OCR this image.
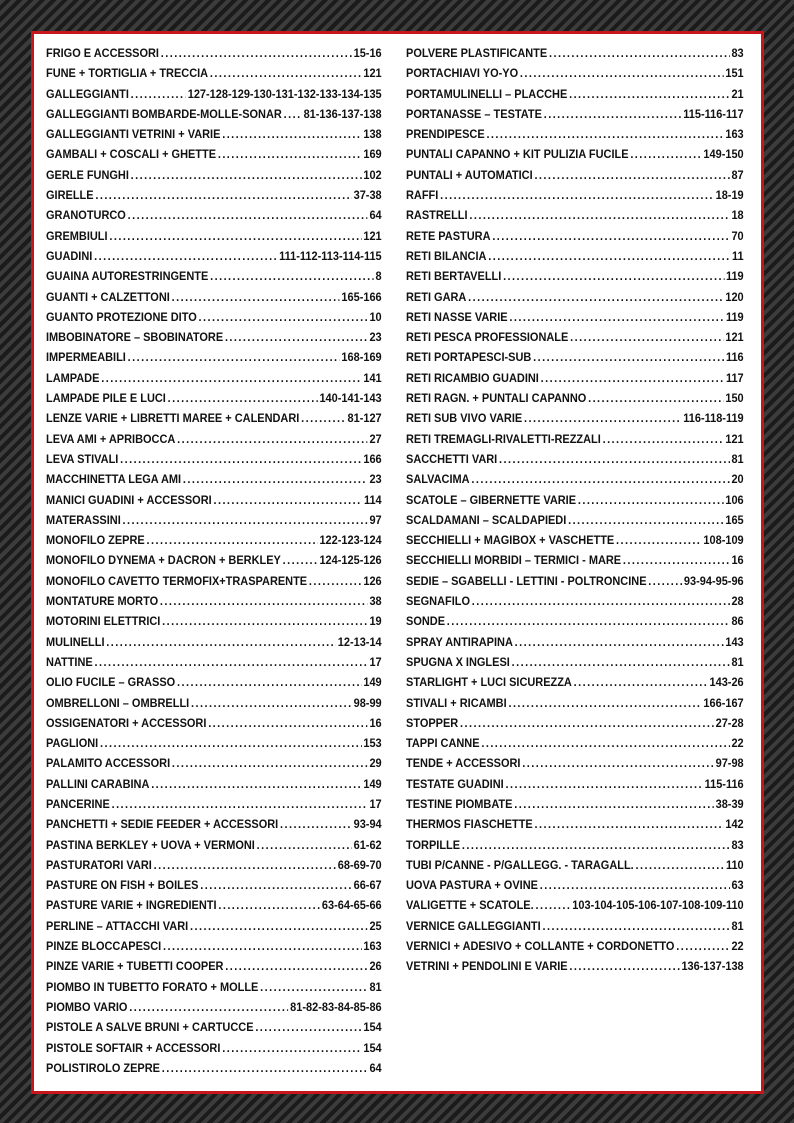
FRIGO E ACCESSORI .....	15-16
FUNE + TORTIGLIA + TRECCIA .....	121
GALLEGGIANTI .....	127-128-129-130-131-132-133-134-135
GALLEGGIANTI BOMBARDE-MOLLE-SONAR ..... 81-136-137-138
GALLEGGIANTI VETRINI + VARIE .....	138
GAMBALI + COSCALI + GHETTE .....	169
GERLE FUNGHI .....	102
GIRELLE .....	37-38
GRANOTURCO .....	64
GREMBIULI .....	121
GUADINI .....	111-112-113-114-115
GUAINA AUTORESTRINGENTE .....	8
GUANTI + CALZETTONI .....	165-166
GUANTO PROTEZIONE DITO .....	10
IMBOBINATORE – SBOBINATORE .....	23
IMPERMEABILI .....	168-169
LAMPADE .....	141
LAMPADE PILE E LUCI .....	140-141-143
LENZE VARIE + LIBRETTI MAREE + CALENDARI .....	81-127
LEVA AMI + APRIBOCCA .....	27
LEVA STIVALI .....	166
MACCHINETTA LEGA AMI .....	23
MANICI GUADINI + ACCESSORI .....	114
MATERASSINI .....	97
MONOFILO ZEPRE .....	122-123-124
MONOFILO DYNEMA + DACRON + BERKLEY .....	124-125-126
MONOFILO CAVETTO TERMOFIX+TRASPARENTE .....	126
MONTATURE MORTO .....	38
MOTORINI ELETTRICI .....	19
MULINELLI .....	12-13-14
NATTINE .....	17
OLIO FUCILE – GRASSO .....	149
OMBRELLONI – OMBRELLI .....	98-99
OSSIGENATORI + ACCESSORI .....	16
PAGLIONI .....	153
PALAMITO ACCESSORI .....	29
PALLINI CARABINA .....	149
PANCERINE .....	17
PANCHETTI + SEDIE FEEDER + ACCESSORI .....	93-94
PASTINA BERKLEY + UOVA + VERMONI .....	61-62
PASTURATORI VARI .....	68-69-70
PASTURE ON FISH + BOILES .....	66-67
PASTURE VARIE + INGREDIENTI .....	63-64-65-66
PERLINE – ATTACCHI VARI .....	25
PINZE BLOCCAPESCI .....	163
PINZE VARIE + TUBETTI COOPER .....	26
PIOMBO IN TUBETTO FORATO + MOLLE .....	81
PIOMBO VARIO .....	81-82-83-84-85-86
PISTOLE A SALVE BRUNI + CARTUCCE .....	154
PISTOLE SOFTAIR + ACCESSORI .....	154
POLISTIROLO ZEPRE .....	64
POLVERE PLASTIFICANTE .....	83
PORTACHIAVI YO-YO .....	151
PORTAMULINELLI – PLACCHE .....	21
PORTANASSE – TESTATE .....	115-116-117
PRENDIPESCE .....	163
PUNTALI CAPANNO + KIT PULIZIA FUCILE .....	149-150
PUNTALI + AUTOMATICI .....	87
RAFFI .....	18-19
RASTRELLI .....	18
RETE PASTURA .....	70
RETI BILANCIA .....	11
RETI BERTAVELLI .....	119
RETI GARA .....	120
RETI NASSE VARIE .....	119
RETI PESCA PROFESSIONALE .....	121
RETI PORTAPESCI-SUB .....	116
RETI RICAMBIO GUADINI .....	117
RETI RAGN. + PUNTALI CAPANNO .....	150
RETI SUB VIVO VARIE .....	116-118-119
RETI TREMAGLI-RIVALETTI-REZZALI .....	121
SACCHETTI VARI .....	81
SALVACIMA .....	20
SCATOLE – GIBERNETTE VARIE .....	106
SCALDAMANI – SCALDAPIEDI .....	165
SECCHIELLI + MAGIBOX + VASCHETTE .....	108-109
SECCHIELLI MORBIDI – TERMICI - MARE .....	16
SEDIE – SGABELLI - LETTINI - POLTRONCINE .....	93-94-95-96
SEGNAFILO .....	28
SONDE .....	86
SPRAY ANTIRAPINA .....	143
SPUGNA X INGLESI .....	81
STARLIGHT + LUCI SICUREZZA .....	143-26
STIVALI + RICAMBI .....	166-167
STOPPER .....	27-28
TAPPI CANNE .....	22
TENDE + ACCESSORI .....	97-98
TESTATE GUADINI .....	115-116
TESTINE PIOMBATE .....	38-39
THERMOS FIASCHETTE .....	142
TORPILLE .....	83
TUBI P/CANNE - P/GALLEGG. - TARAGALL. .....	110
UOVA PASTURA + OVINE .....	63
VALIGETTE + SCATOLE. .....	103-104-105-106-107-108-109-110
VERNICE GALLEGGIANTI .....	81
VERNICI + ADESIVO + COLLANTE + CORDONETTO .....	22
VETRINI + PENDOLINI E VARIE .....	136-137-138
